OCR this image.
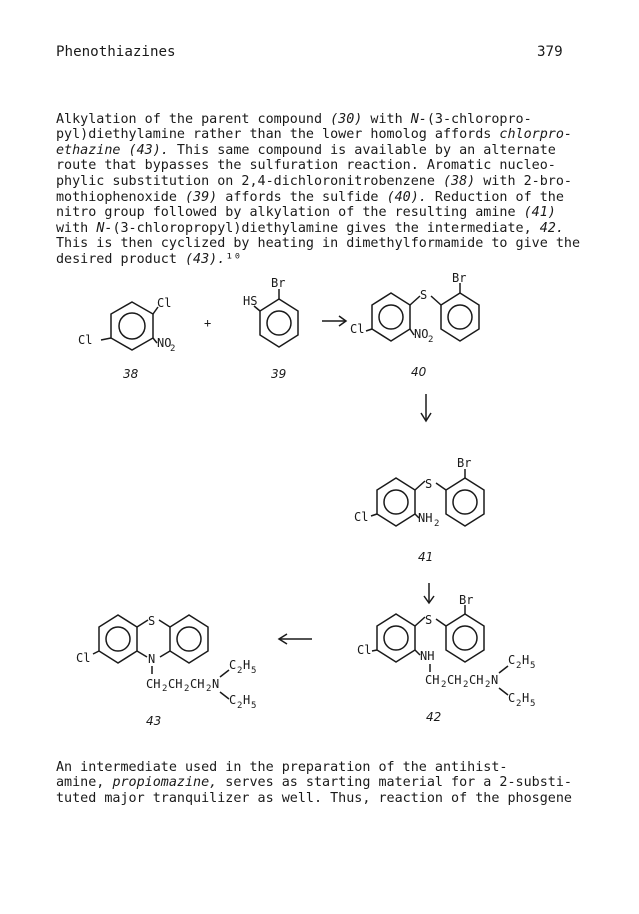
Phenothiazines	379

Alkylation of the parent compound (30) with N-(3-chloropro-
pyl)diethylamine rather than the lower homolog affords chlorpro-
ethazine (43). This same compound is available by an alternate
route that bypasses the sulfuration reaction. Aromatic nucleo-
phylic substitution on 2,4-dichloronitrobenzene (38) with 2-bro-
mothiophenoxide (39) affords the sulfide (40). Reduction of the
nitro group followed by alkylation of the resulting amine (41)
with N-(3-chloropropyl)diethylamine gives the intermediate, 42.
This is then cyclized by heating in dimethylformamide to give the
desired product (43).¹⁰

Cl
Cl	NO
2
38
+
Br
HS
39
S
Br
Cl	NO 2
40
S
Br
Cl	NH 2
41
S
Br
Cl	NH
CH 2 CH 2 CH 2 N
C 2 H 5
C 2 H 5
42
S
N
Cl
CH 2 CH 2 CH 2 N
C 2 H 5
C 2 H 5
43

An intermediate used in the preparation of the antihist-
amine, propiomazine, serves as starting material for a 2-substi-
tuted major tranquilizer as well. Thus, reaction of the phosgene
